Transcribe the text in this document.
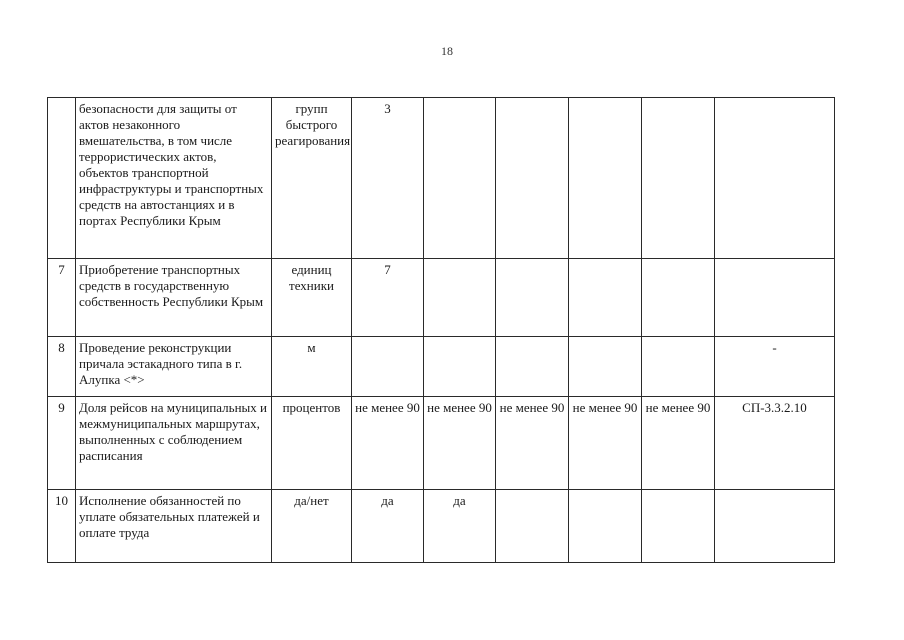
18
	безопасности для защиты от актов незаконного вмешательства, в том числе террористических актов, объектов транспортной инфраструктуры и транспортных средств на автостанциях и в портах Республики Крым	групп быстрого реагирования	3					
7	Приобретение транспортных средств в государственную собственность Республики Крым	единиц техники	7					
8	Проведение реконструкции причала эстакадного типа в г. Алупка <*>	м						-
9	Доля рейсов на муниципальных и межмуниципальных маршрутах, выполненных с соблюдением расписания	процентов	не менее 90	не менее 90	не менее 90	не менее 90	не менее 90	СП-3.3.2.10
10	Исполнение обязанностей по уплате обязательных платежей и оплате труда	да/нет	да	да				
